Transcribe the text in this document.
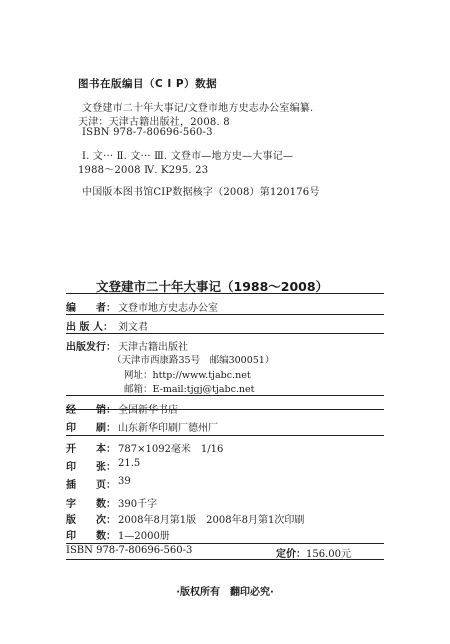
图书在版编目（C I P）数据
文登建市二十年大事记/文登市地方史志办公室编纂.
天津：天津古籍出版社，2008. 8
ISBN 978-7-80696-560-3
Ⅰ. 文··· Ⅱ. 文··· Ⅲ. 文登市—地方史—大事记—
1988～2008 Ⅳ. K295. 23
中国版本图书馆CIP数据核字（2008）第120176号
文登建市二十年大事记（1988～2008）
编　　者： 文登市地方史志办公室
出 版 人： 刘文君
出版发行： 天津古籍出版社
（天津市西康路35号　邮编300051）
网址：http://www.tjabc.net
邮箱：E-mail:tjgj@tjabc.net
经　　销： 全国新华书店
印　　刷： 山东新华印刷厂德州厂
开　　本： 787×1092毫米　1/16
印　　张： 21.5
插　　页： 39
字　　数： 390千字
版　　次： 2008年8月第1版　2008年8月第1次印刷
印　　数： 1—2000册
ISBN 978-7-80696-560-3	定价：156.00元
·版权所有　翻印必究·
